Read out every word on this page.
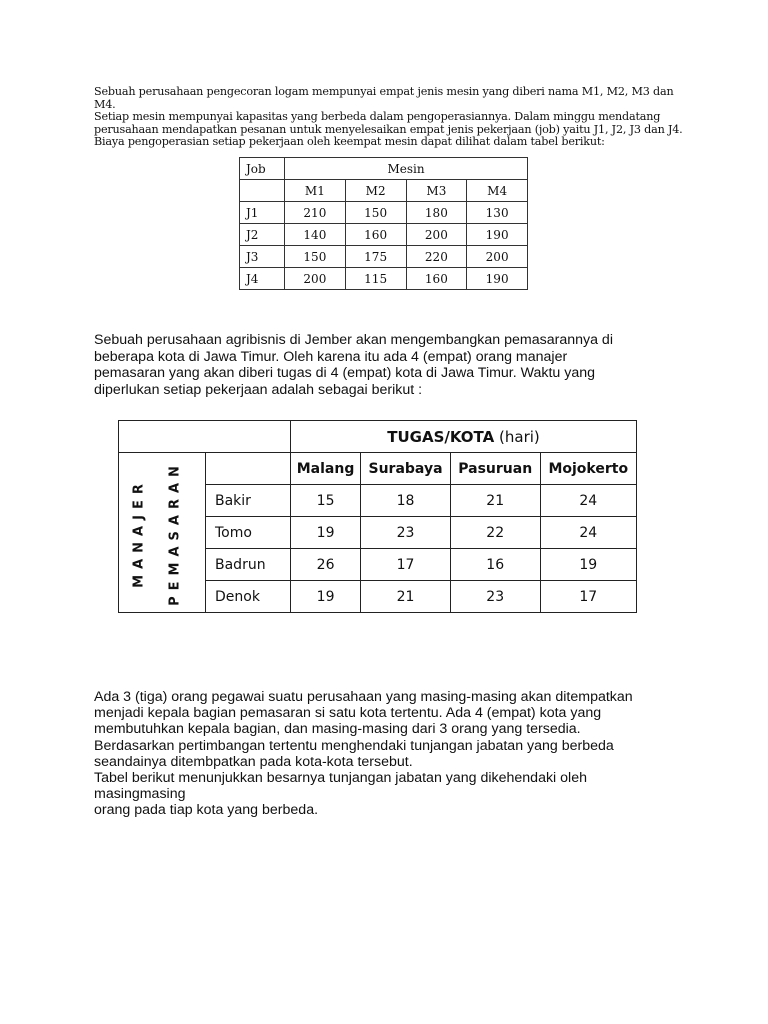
Sebuah perusahaan pengecoran logam mempunyai empat jenis mesin yang diberi nama M1, M2, M3 dan M4.

Setiap mesin mempunyai kapasitas yang berbeda dalam pengoperasiannya. Dalam minggu mendatang

perusahaan mendapatkan pesanan untuk menyelesaikan empat jenis pekerjaan (job) yaitu J1, J2, J3 dan J4.

Biaya pengoperasian setiap pekerjaan oleh keempat mesin dapat dilihat dalam tabel berikut:

Job	Mesin			
	M1	M2	M3	M4
J1	210	150	180	130
J2	140	160	200	190
J3	150	175	220	200
J4	200	115	160	190

Sebuah perusahaan agribisnis di Jember akan mengembangkan pemasarannya di

beberapa kota di Jawa Timur. Oleh karena itu ada 4 (empat) orang manajer

pemasaran yang akan diberi tugas di 4 (empat) kota di Jawa Timur. Waktu yang

diperlukan setiap pekerjaan adalah sebagai berikut :

		TUGAS/KOTA (hari)			

MANAJER PEMASARAN		Malang	Surabaya	Pasuruan	Mojokerto
	Bakir	15	18	21	24
	Tomo	19	23	22	24
	Badrun	26	17	16	19
	Denok	19	21	23	17

Ada 3 (tiga) orang pegawai suatu perusahaan yang masing-masing akan ditempatkan

menjadi kepala bagian pemasaran si satu kota tertentu. Ada 4 (empat) kota yang

membutuhkan kepala bagian, dan masing-masing dari 3 orang yang tersedia.

Berdasarkan pertimbangan tertentu menghendaki tunjangan jabatan yang berbeda

seandainya ditembpatkan pada kota-kota tersebut.

Tabel berikut menunjukkan besarnya tunjangan jabatan yang dikehendaki oleh

masingmasing

orang pada tiap kota yang berbeda.
